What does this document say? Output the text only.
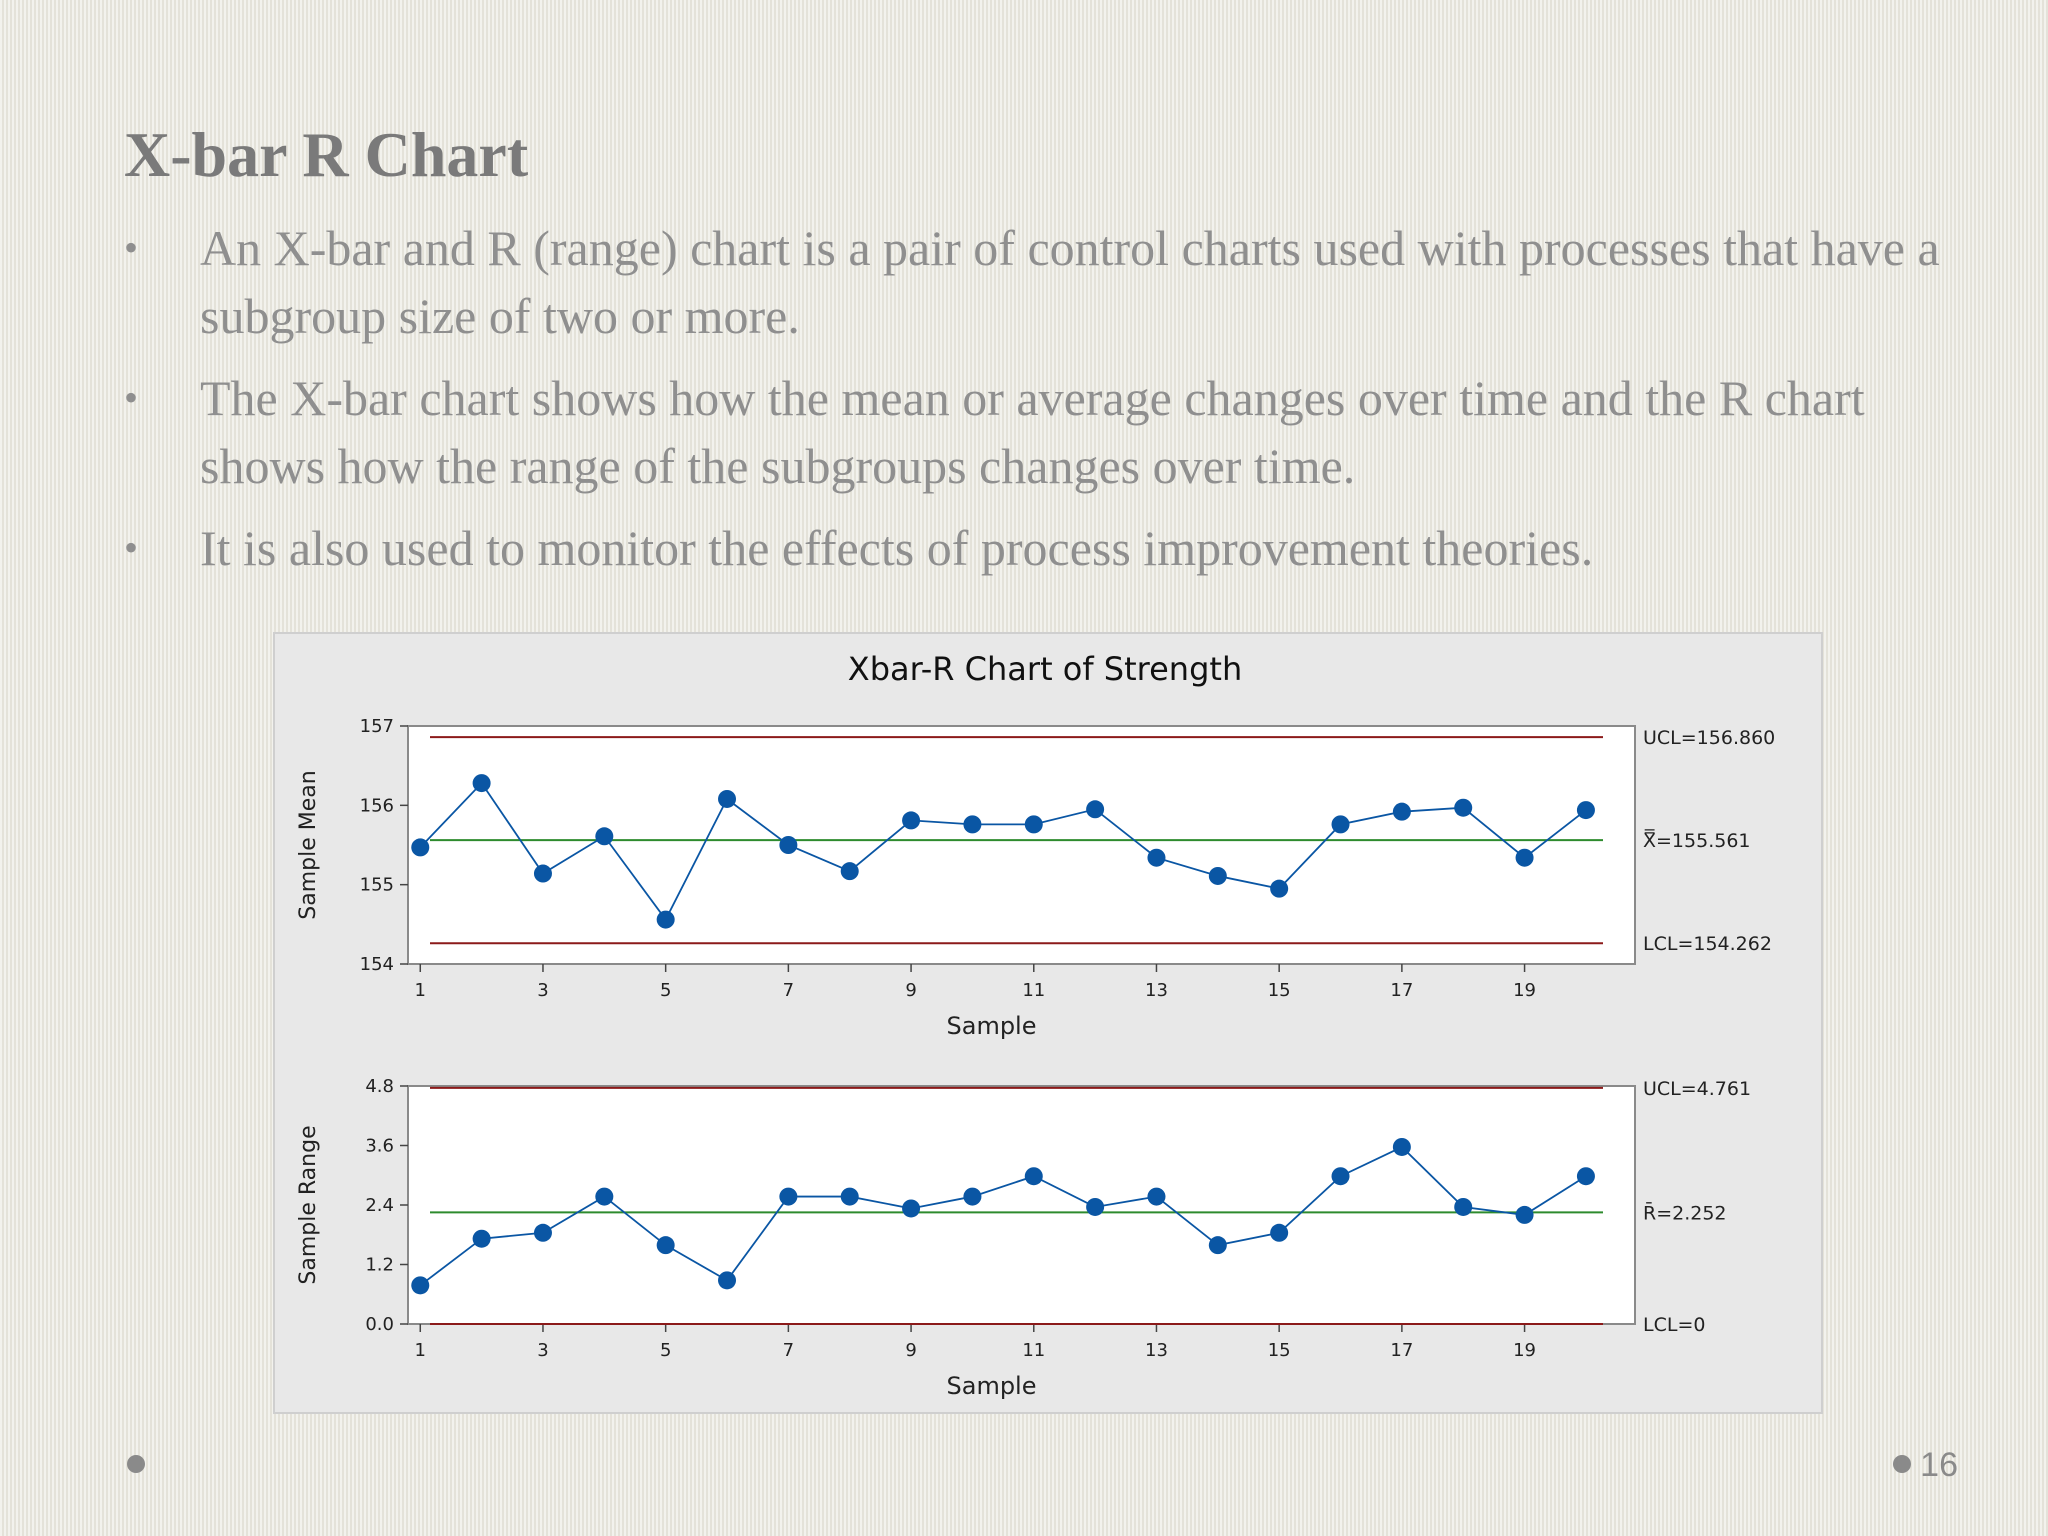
X-bar R Chart
• An X-bar and R (range) chart is a pair of control charts used with processes that have a subgroup size of two or more.
• The X-bar chart shows how the mean or average changes over time and the R chart shows how the range of the subgroups changes over time.
• It is also used to monitor the effects of process improvement theories.
Xbar-R Chart of Strength
154
155
156
157
1	3	5	7	9	11	13	15	17	19
Sample
Sample Mean
UCL=156.860
X̿=155.561
LCL=154.262
0.0
1.2
2.4
3.6
4.8
1	3	5	7	9	11	13	15	17	19
Sample
Sample Range
UCL=4.761
R̄=2.252
LCL=0
16
